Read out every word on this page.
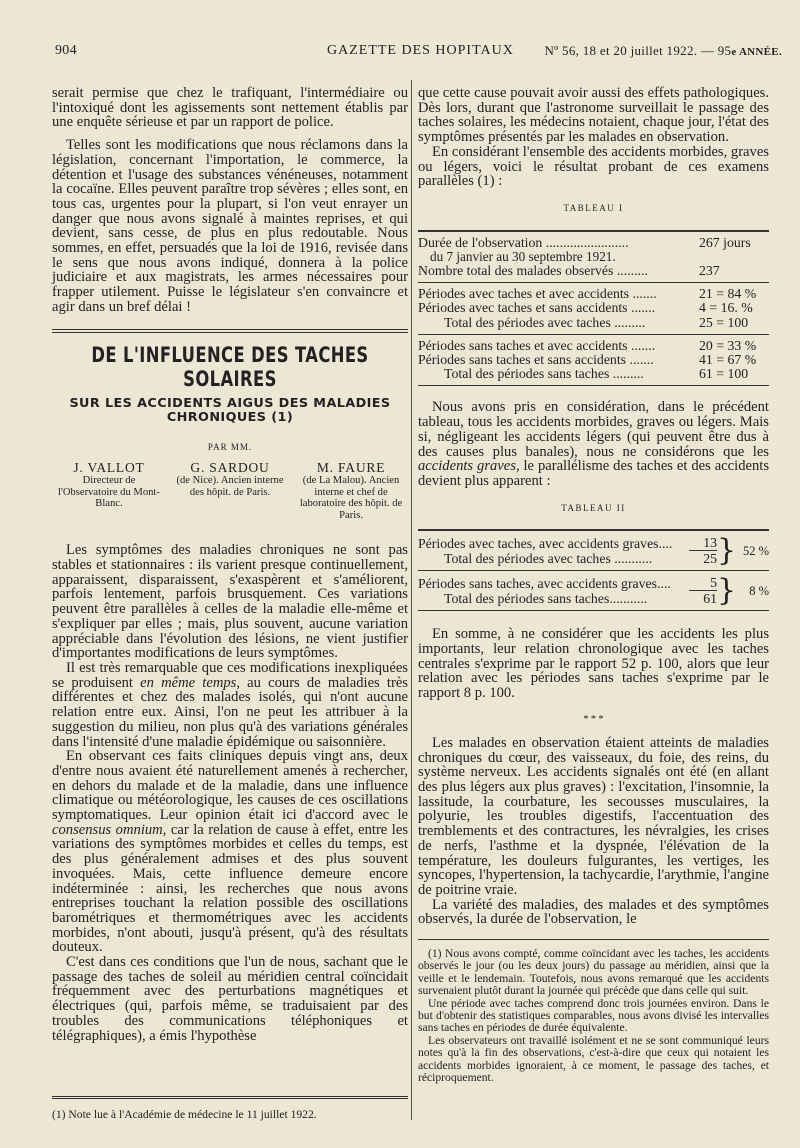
904	GAZETTE DES HOPITAUX Nº 56, 18 et 20 juillet 1922. — 95e ANNÉE.

serait permise que chez le trafiquant, l'intermédiaire ou l'intoxiqué dont les agissements sont nettement établis par une enquête sérieuse et par un rapport de police.

Telles sont les modifications que nous réclamons dans la législation, concernant l'importation, le commerce, la détention et l'usage des substances vénéneuses, notamment la cocaïne. Elles peuvent paraître trop sévères ; elles sont, en tous cas, urgentes pour la plupart, si l'on veut enrayer un danger que nous avons signalé à maintes reprises, et qui devient, sans cesse, de plus en plus redoutable. Nous sommes, en effet, persuadés que la loi de 1916, revisée dans le sens que nous avons indiqué, donnera à la police judiciaire et aux magistrats, les armes nécessaires pour frapper utilement. Puisse le législateur s'en convaincre et agir dans un bref délai !

DE L'INFLUENCE DES TACHES SOLAIRES
SUR LES ACCIDENTS AIGUS DES MALADIES CHRONIQUES (1)
PAR MM.
J. VALLOT
Directeur de l'Observatoire du Mont-Blanc.
G. SARDOU
(de Nice). Ancien interne des hôpit. de Paris.
M. FAURE
(de La Malou). Ancien interne et chef de laboratoire des hôpit. de Paris.

Les symptômes des maladies chroniques ne sont pas stables et stationnaires : ils varient presque continuellement, apparaissent, disparaissent, s'exaspèrent et s'améliorent, parfois lentement, parfois brusquement. Ces variations peuvent être parallèles à celles de la maladie elle-même et s'expliquer par elles ; mais, plus souvent, aucune variation appréciable dans l'évolution des lésions, ne vient justifier d'importantes modifications de leurs symptômes.

Il est très remarquable que ces modifications inexpliquées se produisent en même temps, au cours de maladies très différentes et chez des malades isolés, qui n'ont aucune relation entre eux. Ainsi, l'on ne peut les attribuer à la suggestion du milieu, non plus qu'à des variations générales dans l'intensité d'une maladie épidémique ou saisonnière.

En observant ces faits cliniques depuis vingt ans, deux d'entre nous avaient été naturellement amenés à rechercher, en dehors du malade et de la maladie, dans une influence climatique ou météorologique, les causes de ces oscillations symptomatiques. Leur opinion était ici d'accord avec le consensus omnium, car la relation de cause à effet, entre les variations des symptômes morbides et celles du temps, est des plus généralement admises et des plus souvent invoquées. Mais, cette influence demeure encore indéterminée : ainsi, les recherches que nous avons entreprises touchant la relation possible des oscillations barométriques et thermométriques avec les accidents morbides, n'ont abouti, jusqu'à présent, qu'à des résultats douteux.

C'est dans ces conditions que l'un de nous, sachant que le passage des taches de soleil au méridien central coïncidait fréquemment avec des perturbations magnétiques et électriques (qui, parfois même, se traduisaient par des troubles des communications téléphoniques et télégraphiques), a émis l'hypothèse

(1) Note lue à l'Académie de médecine le 11 juillet 1922.

que cette cause pouvait avoir aussi des effets pathologiques. Dès lors, durant que l'astronome surveillait le passage des taches solaires, les médecins notaient, chaque jour, l'état des symptômes présentés par les malades en observation.

En considérant l'ensemble des accidents morbides, graves ou légers, voici le résultat probant de ces examens parallèles (1) :

TABLEAU I
Durée de l'observation ........................	267 jours
du 7 janvier au 30 septembre 1921.
Nombre total des malades observés .........	237
Périodes avec taches et avec accidents .......	21 = 84 %
Périodes avec taches et sans accidents .......	4 = 16. %
Total des périodes avec taches .........	25 = 100
Périodes sans taches et avec accidents .......	20 = 33 %
Périodes sans taches et sans accidents .......	41 = 67 %
Total des périodes sans taches .........	61 = 100

Nous avons pris en considération, dans le précédent tableau, tous les accidents morbides, graves ou légers. Mais si, négligeant les accidents légers (qui peuvent être dus à des causes plus banales), nous ne considérons que les accidents graves, le parallélisme des taches et des accidents devient plus apparent :

TABLEAU II
Périodes avec taches, avec accidents graves....
Total des périodes avec taches ...........	$\frac{13}{25}$ } 52 %
Périodes sans taches, avec accidents graves....
Total des périodes sans taches...........	$\frac{5}{61}$ }	8 %

En somme, à ne considérer que les accidents les plus importants, leur relation chronologique avec les taches centrales s'exprime par le rapport 52 p. 100, alors que leur relation avec les périodes sans taches s'exprime par le rapport 8 p. 100.

* * *

Les malades en observation étaient atteints de maladies chroniques du cœur, des vaisseaux, du foie, des reins, du système nerveux. Les accidents signalés ont été (en allant des plus légers aux plus graves) : l'excitation, l'insomnie, la lassitude, la courbature, les secousses musculaires, la polyurie, les troubles digestifs, l'accentuation des tremblements et des contractures, les névralgies, les crises de nerfs, l'asthme et la dyspnée, l'élévation de la température, les douleurs fulgurantes, les vertiges, les syncopes, l'hypertension, la tachycardie, l'arythmie, l'angine de poitrine vraie.

La variété des maladies, des malades et des symptômes observés, la durée de l'observation, le

(1) Nous avons compté, comme coïncidant avec les taches, les accidents observés le jour (ou les deux jours) du passage au méridien, ainsi que la veille et le lendemain. Toutefois, nous avons remarqué que les accidents survenaient plutôt durant la journée qui précède que dans celle qui suit.

Une période avec taches comprend donc trois journées environ. Dans le but d'obtenir des statistiques comparables, nous avons divisé les intervalles sans taches en périodes de durée équivalente.

Les observateurs ont travaillé isolément et ne se sont communiqué leurs notes qu'à la fin des observations, c'est-à-dire que ceux qui notaient les accidents morbides ignoraient, à ce moment, le passage des taches, et réciproquement.
